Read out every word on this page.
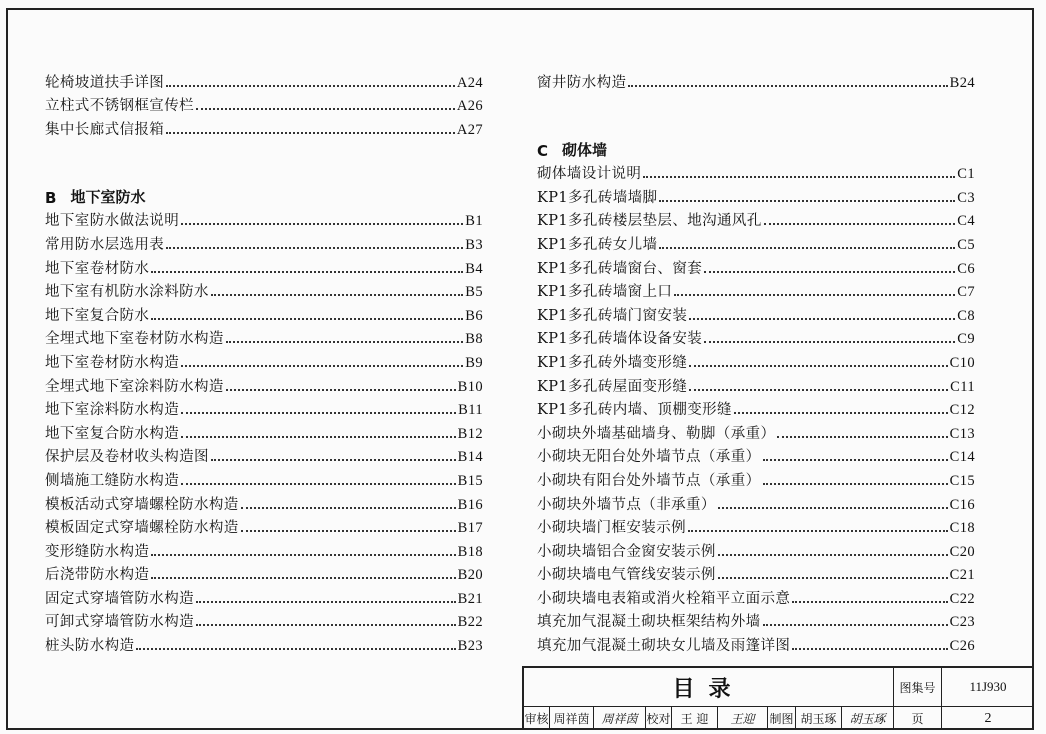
轮椅坡道扶手详图	A24
立柱式不锈钢框宣传栏	A26
集中长廊式信报箱	A27
B 地下室防水
地下室防水做法说明	B1
常用防水层选用表	B3
地下室卷材防水	B4
地下室有机防水涂料防水	B5
地下室复合防水	B6
全埋式地下室卷材防水构造	B8
地下室卷材防水构造	B9
全埋式地下室涂料防水构造	B10
地下室涂料防水构造	B11
地下室复合防水构造	B12
保护层及卷材收头构造图	B14
侧墙施工缝防水构造	B15
模板活动式穿墙螺栓防水构造	B16
模板固定式穿墙螺栓防水构造	B17
变形缝防水构造	B18
后浇带防水构造	B20
固定式穿墙管防水构造	B21
可卸式穿墙管防水构造	B22
桩头防水构造	B23
窗井防水构造	B24
C 砌体墙
砌体墙设计说明	C1
KP1多孔砖墙墙脚	C3
KP1多孔砖楼层垫层、地沟通风孔	C4
KP1多孔砖女儿墙	C5
KP1多孔砖墙窗台、窗套	C6
KP1多孔砖墙窗上口	C7
KP1多孔砖墙门窗安装	C8
KP1多孔砖墙体设备安装	C9
KP1多孔砖外墙变形缝	C10
KP1多孔砖屋面变形缝	C11
KP1多孔砖内墙、顶棚变形缝	C12
小砌块外墙基础墙身、勒脚（承重）	C13
小砌块无阳台处外墙节点（承重）	C14
小砌块有阳台处外墙节点（承重）	C15
小砌块外墙节点（非承重）	C16
小砌块墙门框安装示例	C18
小砌块墙铝合金窗安装示例	C20
小砌块墙电气管线安装示例	C21
小砌块墙电表箱或消火栓箱平立面示意	C22
填充加气混凝土砌块框架结构外墙	C23
填充加气混凝土砌块女儿墙及雨篷详图	C26
目录	图集号	11J930
审核 周祥茵 周祥茵 校对 王 迎	王迎	制图 胡玉琢	胡玉琢	页	2
